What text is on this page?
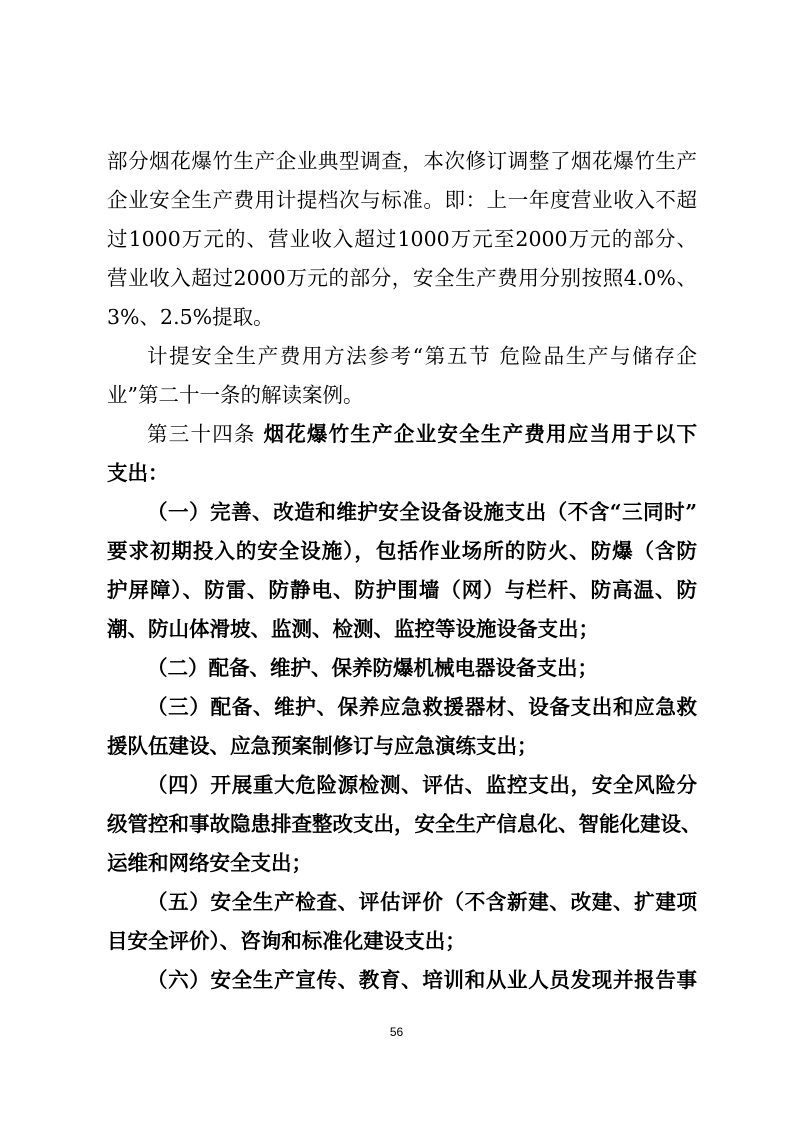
部分烟花爆竹生产企业典型调查，本次修订调整了烟花爆竹生产
企业安全生产费用计提档次与标准。即：上一年度营业收入不超
过1000万元的、营业收入超过1000万元至2000万元的部分、
营业收入超过2000万元的部分，安全生产费用分别按照4.0%、
3%、2.5%提取。
计提安全生产费用方法参考“第五节 危险品生产与储存企
业”第二十一条的解读案例。
第三十四条 烟花爆竹生产企业安全生产费用应当用于以下
支出：
（一）完善、改造和维护安全设备设施支出（不含“三同时”
要求初期投入的安全设施），包括作业场所的防火、防爆（含防
护屏障）、防雷、防静电、防护围墙（网）与栏杆、防高温、防
潮、防山体滑坡、监测、检测、监控等设施设备支出；
（二）配备、维护、保养防爆机械电器设备支出；
（三）配备、维护、保养应急救援器材、设备支出和应急救
援队伍建设、应急预案制修订与应急演练支出；
（四）开展重大危险源检测、评估、监控支出，安全风险分
级管控和事故隐患排查整改支出，安全生产信息化、智能化建设、
运维和网络安全支出；
（五）安全生产检查、评估评价（不含新建、改建、扩建项
目安全评价）、咨询和标准化建设支出；
（六）安全生产宣传、教育、培训和从业人员发现并报告事
56
